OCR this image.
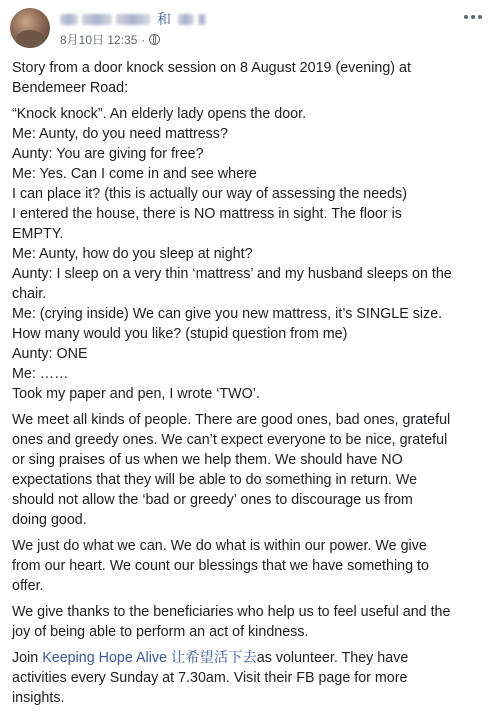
和
8月10日 12:35 ·
Story from a door knock session on 8 August 2019 (evening) at
Bendemeer Road:
“Knock knock”. An elderly lady opens the door.
Me: Aunty, do you need mattress?
Aunty: You are giving for free?
Me: Yes. Can I come in and see where
I can place it? (this is actually our way of assessing the needs)
I entered the house, there is NO mattress in sight. The floor is
EMPTY.
Me: Aunty, how do you sleep at night?
Aunty: I sleep on a very thin ‘mattress’ and my husband sleeps on the
chair.
Me: (crying inside) We can give you new mattress, it’s SINGLE size.
How many would you like? (stupid question from me)
Aunty: ONE
Me: ……
Took my paper and pen, I wrote ‘TWO’.
We meet all kinds of people. There are good ones, bad ones, grateful
ones and greedy ones. We can’t expect everyone to be nice, grateful
or sing praises of us when we help them. We should have NO
expectations that they will be able to do something in return. We
should not allow the ‘bad or greedy’ ones to discourage us from
doing good.
We just do what we can. We do what is within our power. We give
from our heart. We count our blessings that we have something to
offer.
We give thanks to the beneficiaries who help us to feel useful and the
joy of being able to perform an act of kindness.
Join Keeping Hope Alive 让希望活下去as volunteer. They have
activities every Sunday at 7.30am. Visit their FB page for more
insights.
